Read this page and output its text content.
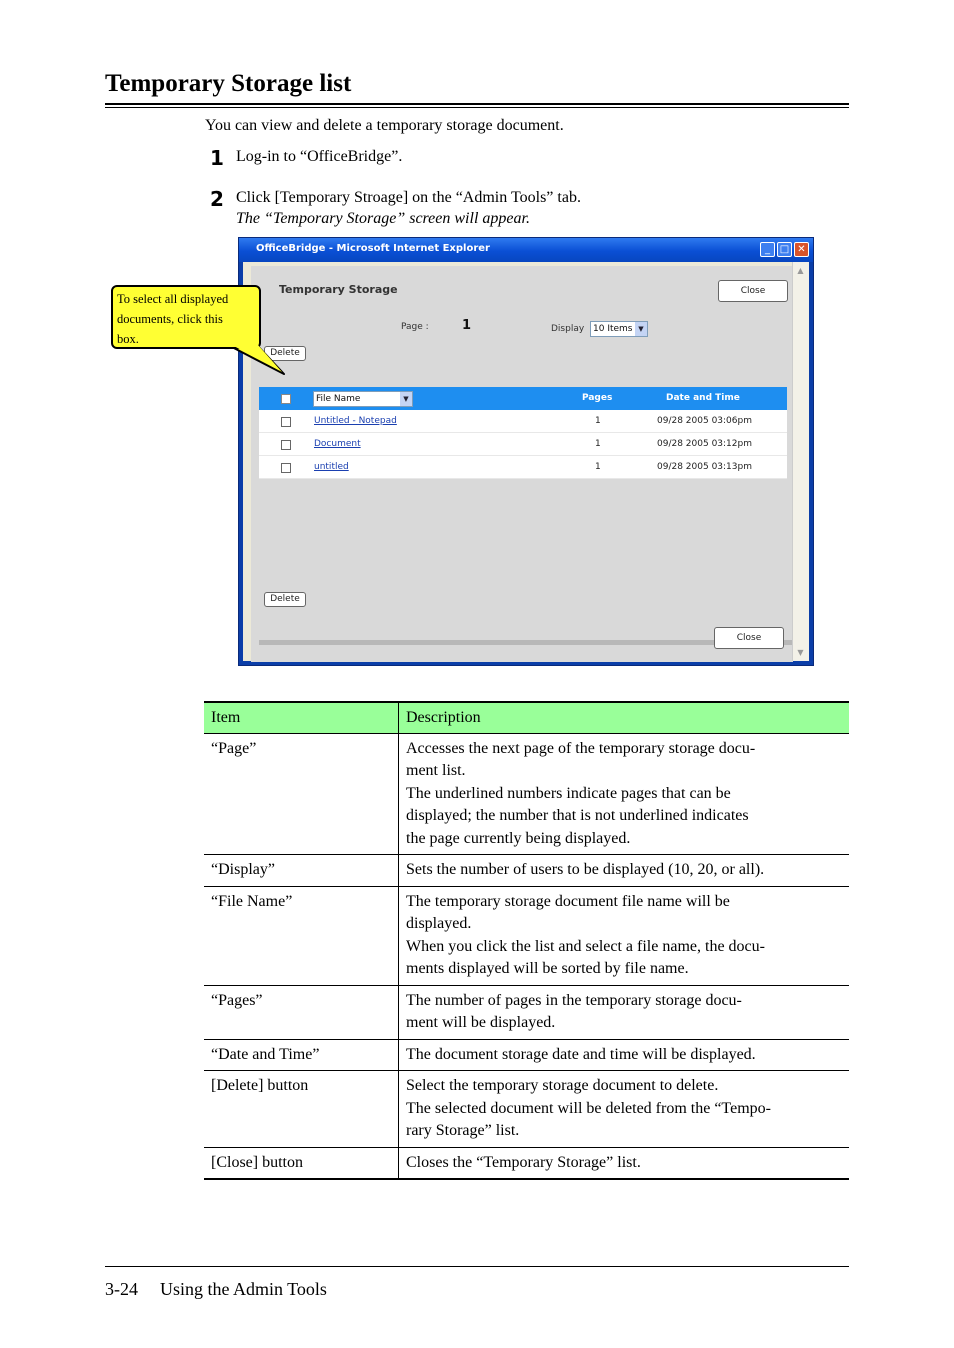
Temporary Storage list
You can view and delete a temporary storage document.
1 Log-in to “OfficeBridge”.
2 Click [Temporary Stroage] on the “Admin Tools” tab.
The “Temporary Storage” screen will appear.
OfficeBridge - Microsoft Internet Explorer	_ □ ✕
Temporary Storage	Close
Page :	1	Display 10 Items ▼
Delete
File Name	▼	Pages	Date and Time
Untitled - Notepad	1	09/28 2005 03:06pm
Document	1	09/28 2005 03:12pm
untitled	1	09/28 2005 03:13pm
Delete
Close
▲
▼
To select all displayed
documents, click this
box.
Item	Description
“Page”	Accesses the next page of the temporary storage docu-
ment list.
The underlined numbers indicate pages that can be
displayed; the number that is not underlined indicates
the page currently being displayed.

“Display”	Sets the number of users to be displayed (10, 20, or all).

“File Name”	The temporary storage document file name will be
displayed.
When you click the list and select a file name, the docu-
ments displayed will be sorted by file name.

“Pages”	The number of pages in the temporary storage docu-
ment will be displayed.

“Date and Time”	The document storage date and time will be displayed.

[Delete] button	Select the temporary storage document to delete.
The selected document will be deleted from the “Tempo-
rary Storage” list.

[Close] button	Closes the “Temporary Storage” list.
3-24 Using the Admin Tools
